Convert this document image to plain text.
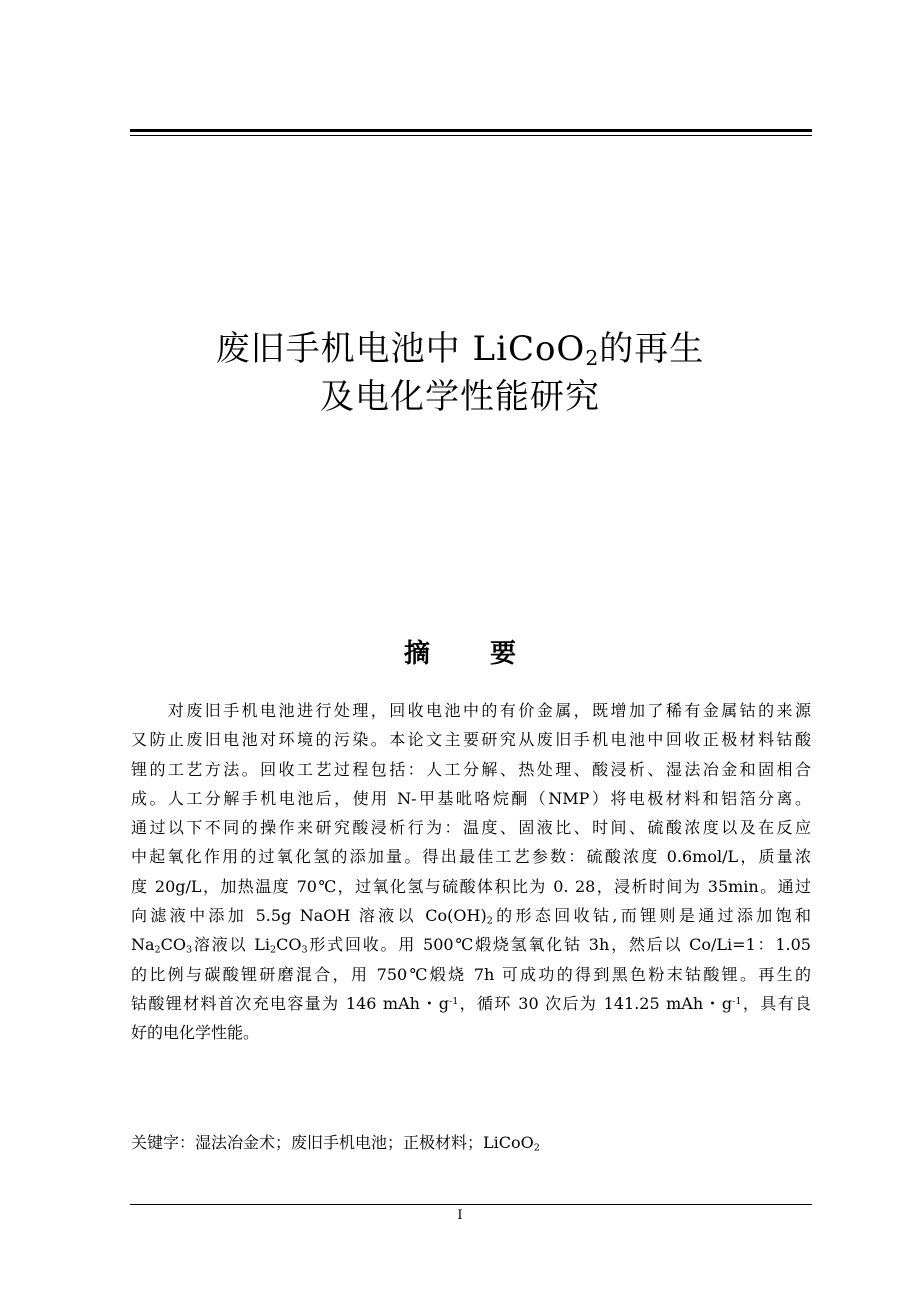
废旧手机电池中 LiCoO$_2$的再生
及电化学性能研究
摘 要
　　对废旧手机电池进行处理，回收电池中的有价金属，既增加了稀有金属钴的来源
又防止废旧电池对环境的污染。本论文主要研究从废旧手机电池中回收正极材料钴酸
锂的工艺方法。回收工艺过程包括：人工分解、热处理、酸浸析、湿法冶金和固相合
成。人工分解手机电池后，使用 N-甲基吡咯烷酮（NMP）将电极材料和铝箔分离。
通过以下不同的操作来研究酸浸析行为：温度、固液比、时间、硫酸浓度以及在反应
中起氧化作用的过氧化氢的添加量。得出最佳工艺参数：硫酸浓度 0.6mol/L，质量浓
度 20g/L，加热温度 70℃，过氧化氢与硫酸体积比为 0. 28，浸析时间为 35min。通过
向滤液中添加 5.5g NaOH 溶液以 $Co(OH)_2$的形态回收钴,而锂则是通过添加饱和
$Na_2CO_3$溶液以 $Li_2CO_3$形式回收。用 500℃煅烧氢氧化钴 3h，然后以 Co/Li=1：1.05
的比例与碳酸锂研磨混合，用 750℃煅烧 7h 可成功的得到黑色粉末钴酸锂。再生的
钴酸锂材料首次充电容量为 146 mAh・$g^{-1}$，循环 30 次后为 141.25 mAh・$g^{-1}$，具有良
好的电化学性能。
关键字：湿法冶金术；废旧手机电池；正极材料；LiCoO$_2$
I
